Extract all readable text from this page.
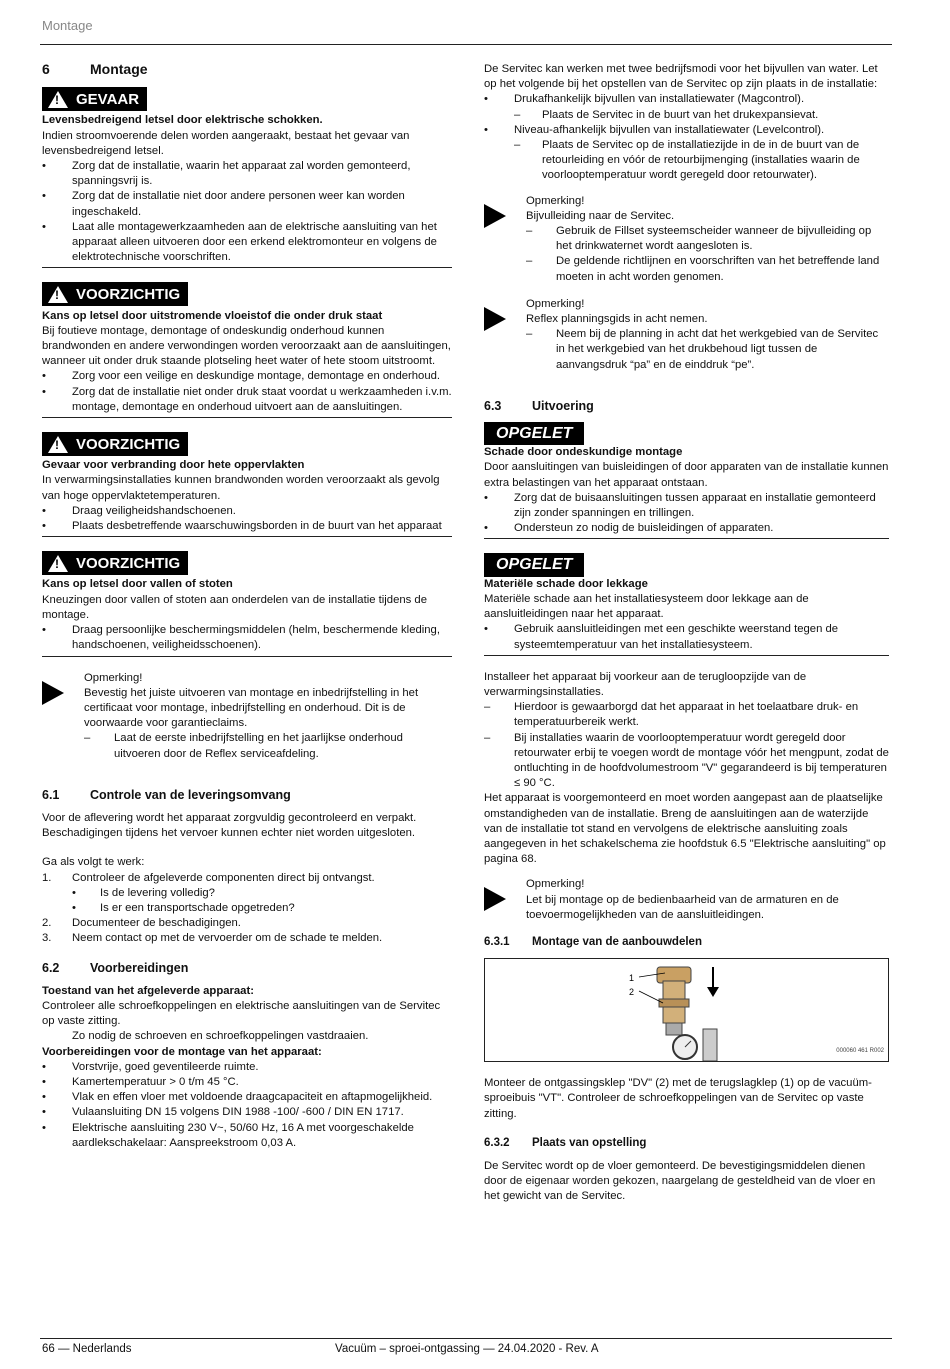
Montage
6	Montage
!
GEVAAR
Levensbedreigend letsel door elektrische schokken.
Indien stroomvoerende delen worden aangeraakt, bestaat het gevaar van levensbedreigend letsel.
•	Zorg dat de installatie, waarin het apparaat zal worden gemonteerd, spanningsvrij is.
•	Zorg dat de installatie niet door andere personen weer kan worden ingeschakeld.
•	Laat alle montagewerkzaamheden aan de elektrische aansluiting van het apparaat alleen uitvoeren door een erkend elektromonteur en volgens de elektrotechnische voorschriften.
!
VOORZICHTIG
Kans op letsel door uitstromende vloeistof die onder druk staat
Bij foutieve montage, demontage of ondeskundig onderhoud kunnen brandwonden en andere verwondingen worden veroorzaakt aan de aansluitingen, wanneer uit onder druk staande plotseling heet water of hete stoom uitstroomt.
•	Zorg voor een veilige en deskundige montage, demontage en onderhoud.
•	Zorg dat de installatie niet onder druk staat voordat u werkzaamheden i.v.m. montage, demontage en onderhoud uitvoert aan de aansluitingen.
!
VOORZICHTIG
Gevaar voor verbranding door hete oppervlakten
In verwarmingsinstallaties kunnen brandwonden worden veroorzaakt als gevolg van hoge oppervlaktetemperaturen.
•	Draag veiligheidshandschoenen.
•	Plaats desbetreffende waarschuwingsborden in de buurt van het apparaat
!
VOORZICHTIG
Kans op letsel door vallen of stoten
Kneuzingen door vallen of stoten aan onderdelen van de installatie tijdens de montage.
•	Draag persoonlijke beschermingsmiddelen (helm, beschermende kleding, handschoenen, veiligheidsschoenen).
Opmerking!
Bevestig het juiste uitvoeren van montage en inbedrijfstelling in het certificaat voor montage, inbedrijfstelling en onderhoud. Dit is de voorwaarde voor garantieclaims.
–	Laat de eerste inbedrijfstelling en het jaarlijkse onderhoud uitvoeren door de Reflex serviceafdeling.
6.1	Controle van de leveringsomvang
Voor de aflevering wordt het apparaat zorgvuldig gecontroleerd en verpakt. Beschadigingen tijdens het vervoer kunnen echter niet worden uitgesloten.
Ga als volgt te werk:
1.	Controleer de afgeleverde componenten direct bij ontvangst.
•	Is de levering volledig?
•	Is er een transportschade opgetreden?
2.	Documenteer de beschadigingen.
3.	Neem contact op met de vervoerder om de schade te melden.
6.2	Voorbereidingen
Toestand van het afgeleverde apparaat:
Controleer alle schroefkoppelingen en elektrische aansluitingen van de Servitec op vaste zitting.
Zo nodig de schroeven en schroefkoppelingen vastdraaien.
Voorbereidingen voor de montage van het apparaat:
•	Vorstvrije, goed geventileerde ruimte.
•	Kamertemperatuur > 0 t/m 45 °C.
•	Vlak en effen vloer met voldoende draagcapaciteit en aftapmogelijkheid.
•	Vulaansluiting DN 15 volgens DIN 1988 -100/ -600 / DIN EN 1717.
•	Elektrische aansluiting 230 V~, 50/60 Hz, 16 A met voorgeschakelde aardlekschakelaar: Aanspreekstroom 0,03 A.
De Servitec kan werken met twee bedrijfsmodi voor het bijvullen van water. Let op het volgende bij het opstellen van de Servitec op zijn plaats in de installatie:
•	Drukafhankelijk bijvullen van installatiewater (Magcontrol).
–	Plaats de Servitec in de buurt van het drukexpansievat.
•	Niveau-afhankelijk bijvullen van installatiewater (Levelcontrol).
–	Plaats de Servitec op de installatiezijde in de in de buurt van de retourleiding en vóór de retourbijmenging (installaties waarin de voorlooptemperatuur wordt geregeld door retourwater).
Opmerking!
Bijvulleiding naar de Servitec.
–	Gebruik de Fillset systeemscheider wanneer de bijvulleiding op het drinkwaternet wordt aangesloten is.
–	De geldende richtlijnen en voorschriften van het betreffende land moeten in acht worden genomen.
Opmerking!
Reflex planningsgids in acht nemen.
–	Neem bij de planning in acht dat het werkgebied van de Servitec in het werkgebied van het drukbehoud ligt tussen de aanvangsdruk “pa” en de einddruk “pe”.
6.3	Uitvoering
OPGELET
Schade door ondeskundige montage
Door aansluitingen van buisleidingen of door apparaten van de installatie kunnen extra belastingen van het apparaat ontstaan.
•	Zorg dat de buisaansluitingen tussen apparaat en installatie gemonteerd zijn zonder spanningen en trillingen.
•	Ondersteun zo nodig de buisleidingen of apparaten.
OPGELET
Materiële schade door lekkage
Materiële schade aan het installatiesysteem door lekkage aan de aansluitleidingen naar het apparaat.
•	Gebruik aansluitleidingen met een geschikte weerstand tegen de systeemtemperatuur van het installatiesysteem.
Installeer het apparaat bij voorkeur aan de terugloopzijde van de verwarmingsinstallaties.
–	Hierdoor is gewaarborgd dat het apparaat in het toelaatbare druk- en temperatuurbereik werkt.
–	Bij installaties waarin de voorlooptemperatuur wordt geregeld door retourwater erbij te voegen wordt de montage vóór het mengpunt, zodat de ontluchting in de hoofdvolumestroom "V" gegarandeerd is bij temperaturen ≤ 90 °C.
Het apparaat is voorgemonteerd en moet worden aangepast aan de plaatselijke omstandigheden van de installatie. Breng de aansluitingen aan de waterzijde van de installatie tot stand en vervolgens de elektrische aansluiting zoals aangegeven in het schakelschema zie hoofdstuk 6.5 "Elektrische aansluiting" op pagina 68.
Opmerking!
Let bij montage op de bedienbaarheid van de armaturen en de toevoermogelijkheden van de aansluitleidingen.
6.3.1	Montage van de aanbouwdelen
1
2
000060 461 R002
Monteer de ontgassingsklep "DV" (2) met de terugslagklep (1) op de vacuüm-sproeibuis "VT". Controleer de schroefkoppelingen van de Servitec op vaste zitting.
6.3.2	Plaats van opstelling
De Servitec wordt op de vloer gemonteerd. De bevestigingsmiddelen dienen door de eigenaar worden gekozen, naargelang de gesteldheid van de vloer en het gewicht van de Servitec.
66 — Nederlands	Vacuüm – sproei-ontgassing — 24.04.2020 - Rev. A
